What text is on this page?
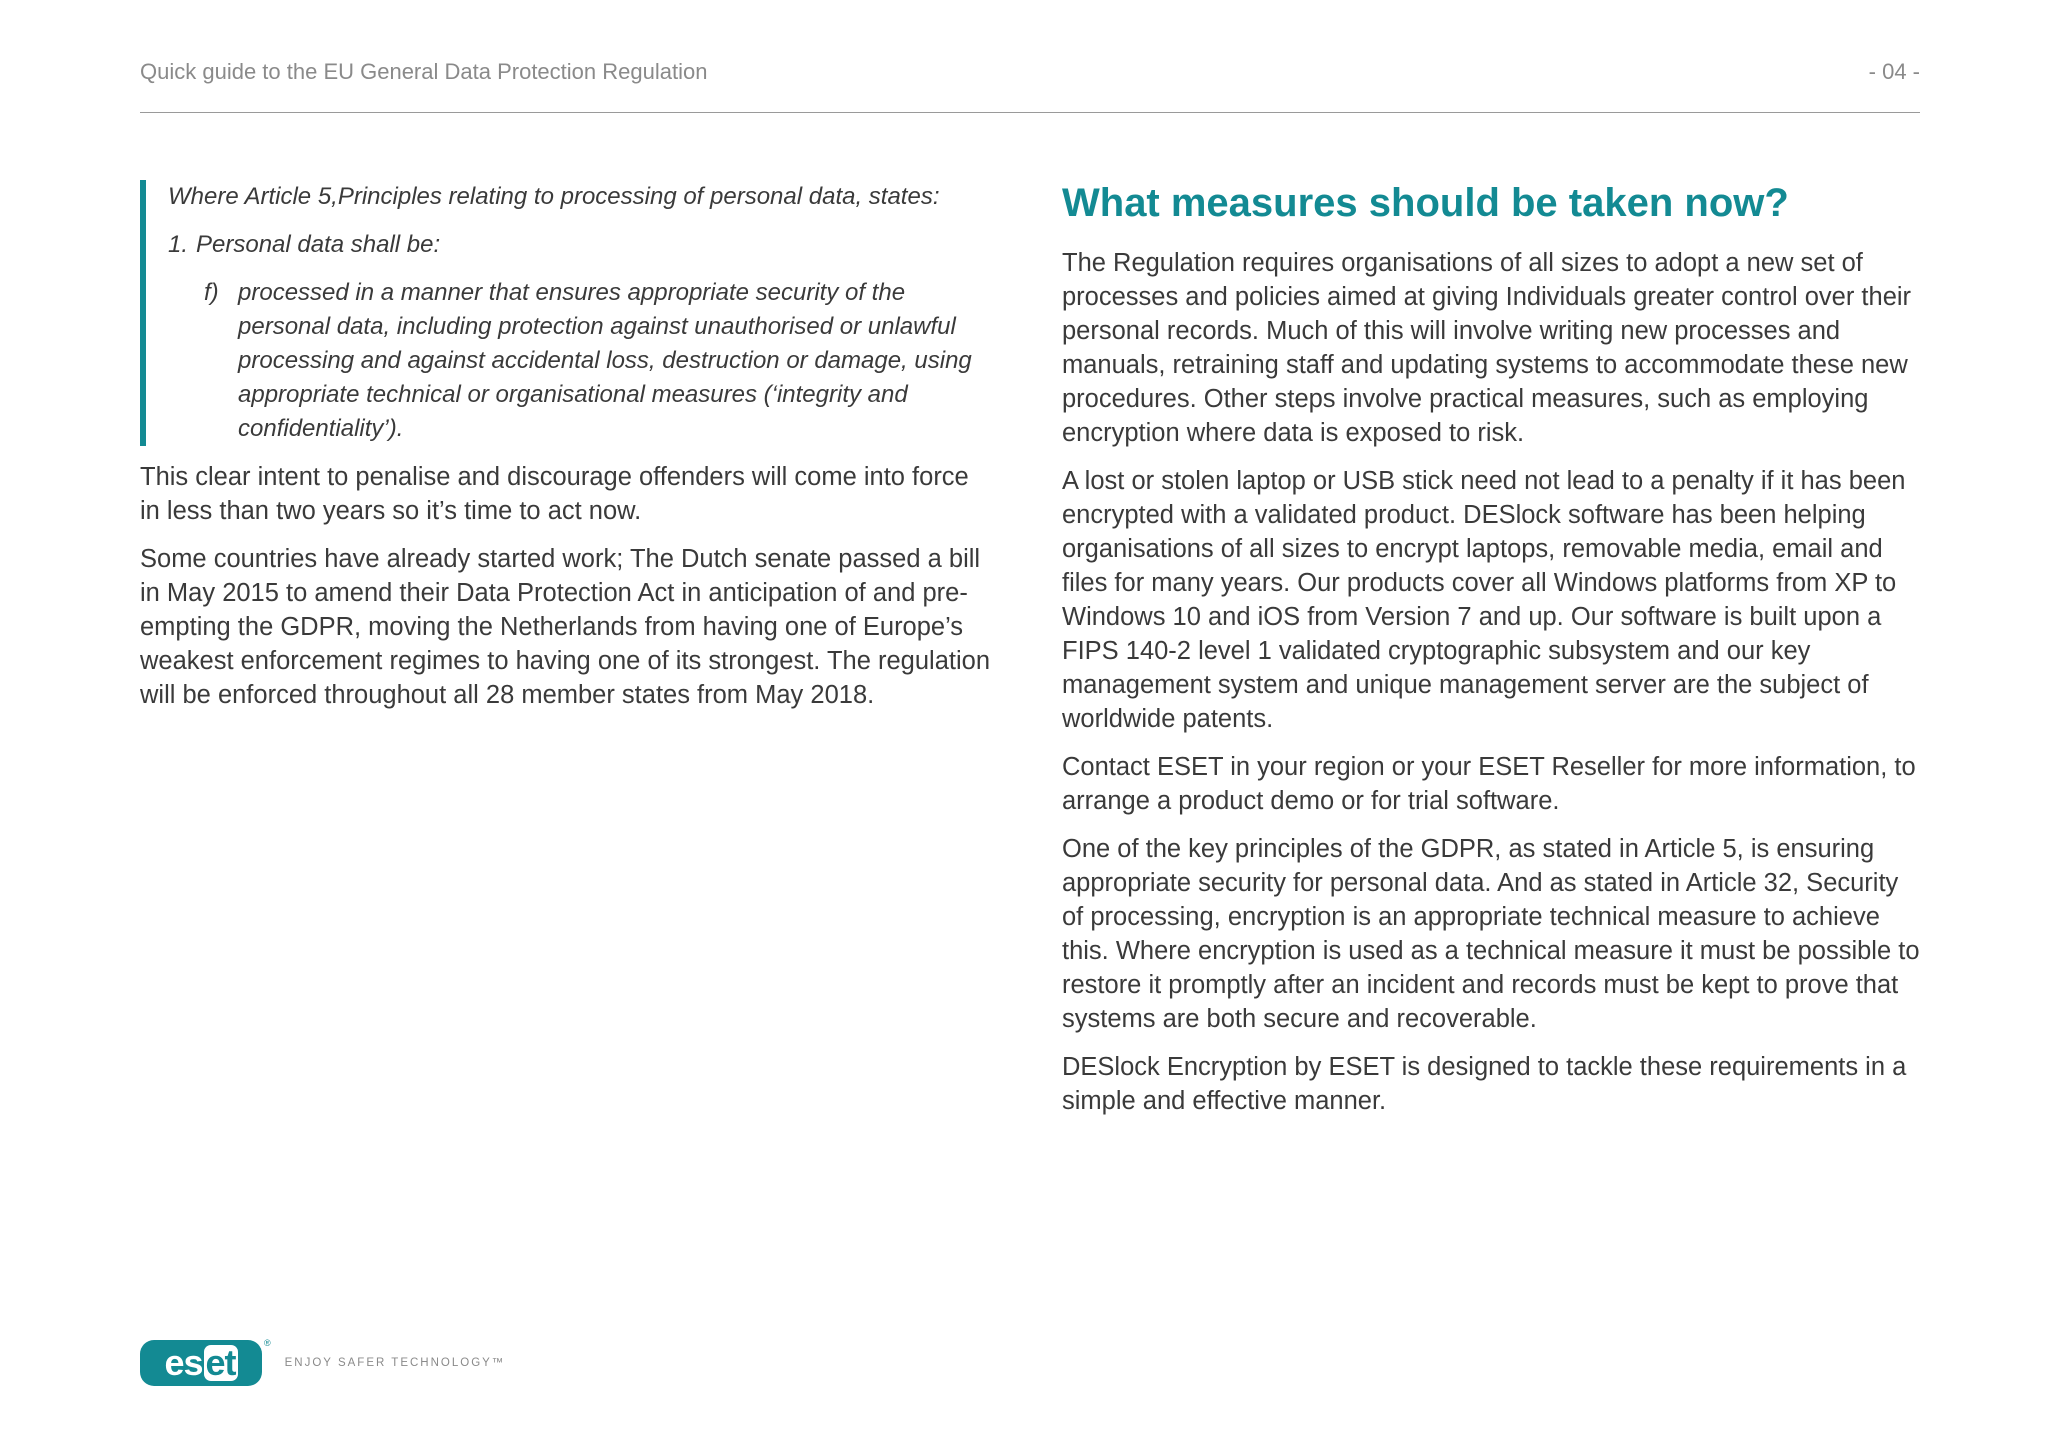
Quick guide to the EU General Data Protection Regulation	- 04 -

Where Article 5,Principles relating to processing of personal data, states:

1. Personal data shall be:

f) processed in a manner that ensures appropriate security of the personal data, including protection against unauthorised or unlawful processing and against accidental loss, destruction or damage, using appropriate technical or organisational measures (‘integrity and confidentiality’).

This clear intent to penalise and discourage offenders will come into force in less than two years so it’s time to act now.

Some countries have already started work; The Dutch senate passed a bill in May 2015 to amend their Data Protection Act in anticipation of and pre-empting the GDPR, moving the Netherlands from having one of Europe’s weakest enforcement regimes to having one of its strongest. The regulation will be enforced throughout all 28 member states from May 2018.

What measures should be taken now?

The Regulation requires organisations of all sizes to adopt a new set of processes and policies aimed at giving Individuals greater control over their personal records. Much of this will involve writing new processes and manuals, retraining staff and updating systems to accommodate these new procedures. Other steps involve practical measures, such as employing encryption where data is exposed to risk.

A lost or stolen laptop or USB stick need not lead to a penalty if it has been encrypted with a validated product. DESlock software has been helping organisations of all sizes to encrypt laptops, removable media, email and files for many years. Our products cover all Windows platforms from XP to Windows 10 and iOS from Version 7 and up. Our software is built upon a FIPS 140-2 level 1 validated cryptographic subsystem and our key management system and unique management server are the subject of worldwide patents.

Contact ESET in your region or your ESET Reseller for more information, to arrange a product demo or for trial software.

One of the key principles of the GDPR, as stated in Article 5, is ensuring appropriate security for personal data. And as stated in Article 32, Security of processing, encryption is an appropriate technical measure to achieve this. Where encryption is used as a technical measure it must be possible to restore it promptly after an incident and records must be kept to prove that systems are both secure and recoverable.

DESlock Encryption by ESET is designed to tackle these requirements in a simple and effective manner.

es et	®
ENJOY SAFER TECHNOLOGY™
